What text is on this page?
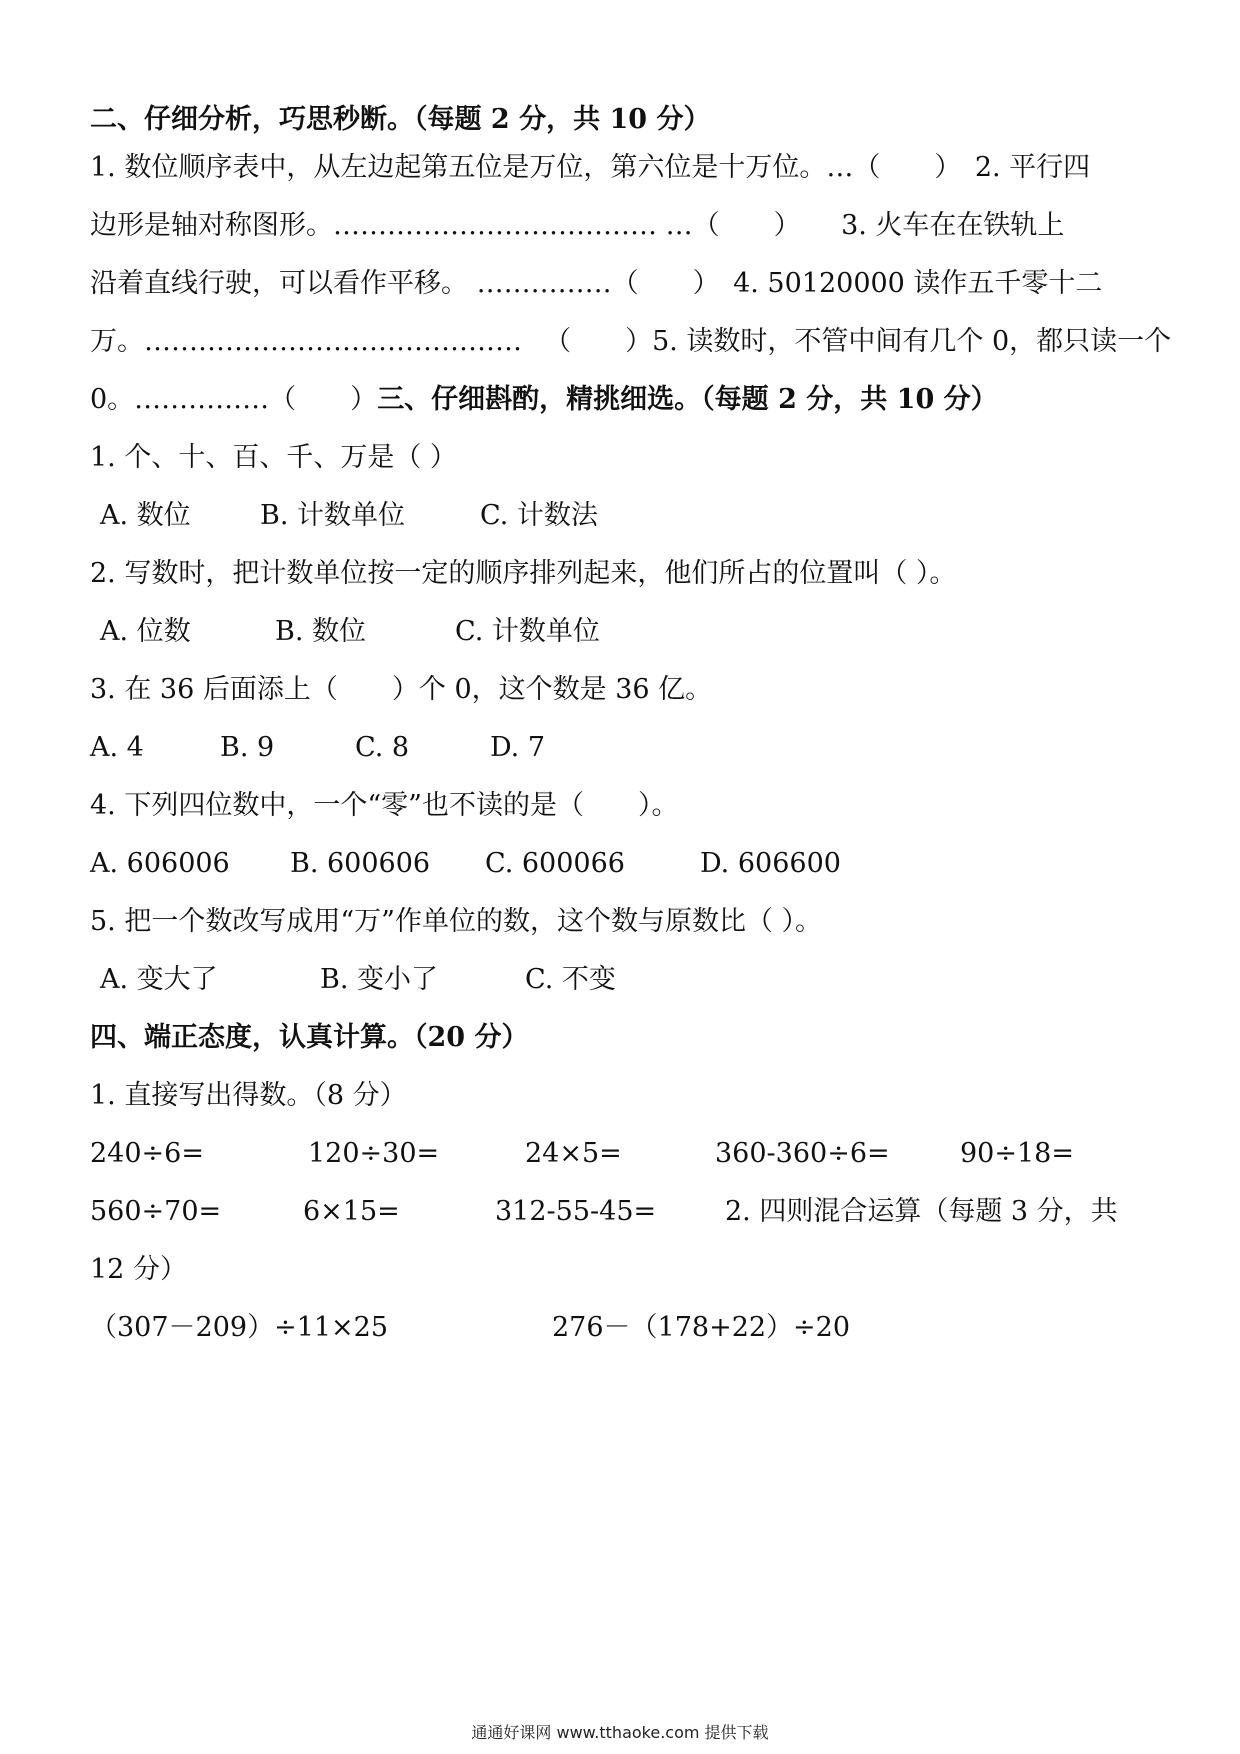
二、仔细分析，巧思秒断。（每题 2 分，共 10 分）
1. 数位顺序表中，从左边起第五位是万位，第六位是十万位。…（　　）　2. 平行四
边形是轴对称图形。……………………………… …（　　）　　3. 火车在在铁轨上
沿着直线行驶，可以看作平移。 ……………（　　）　4. 50120000 读作五千零十二
万。…………………………………… 　（　　）5. 读数时，不管中间有几个 0，都只读一个
0。……………（　　）三、仔细斟酌，精挑细选。（每题 2 分，共 10 分）
1. 个、十、百、千、万是（ ）
A. 数位	B. 计数单位	C. 计数法
2. 写数时，把计数单位按一定的顺序排列起来，他们所占的位置叫（ ）。
A. 位数	B. 数位	C. 计数单位
3. 在 36 后面添上（　　）个 0，这个数是 36 亿。
A. 4	B. 9	C. 8	D. 7
4. 下列四位数中，一个“零”也不读的是（　　）。
A. 606006 B. 600606 C. 600066	D. 606600
5. 把一个数改写成用“万”作单位的数，这个数与原数比（ ）。
A. 变大了	B. 变小了	C. 不变
四、端正态度，认真计算。（20 分）
1. 直接写出得数。（8 分）
240÷6=	120÷30=	24×5=	360-360÷6=	90÷18=
560÷70=	6×15=	312-55-45=	2. 四则混合运算（每题 3 分，共
12 分）
（307－209）÷11×25	276－（178+22）÷20
通通好课网 www.tthaoke.com 提供下载
